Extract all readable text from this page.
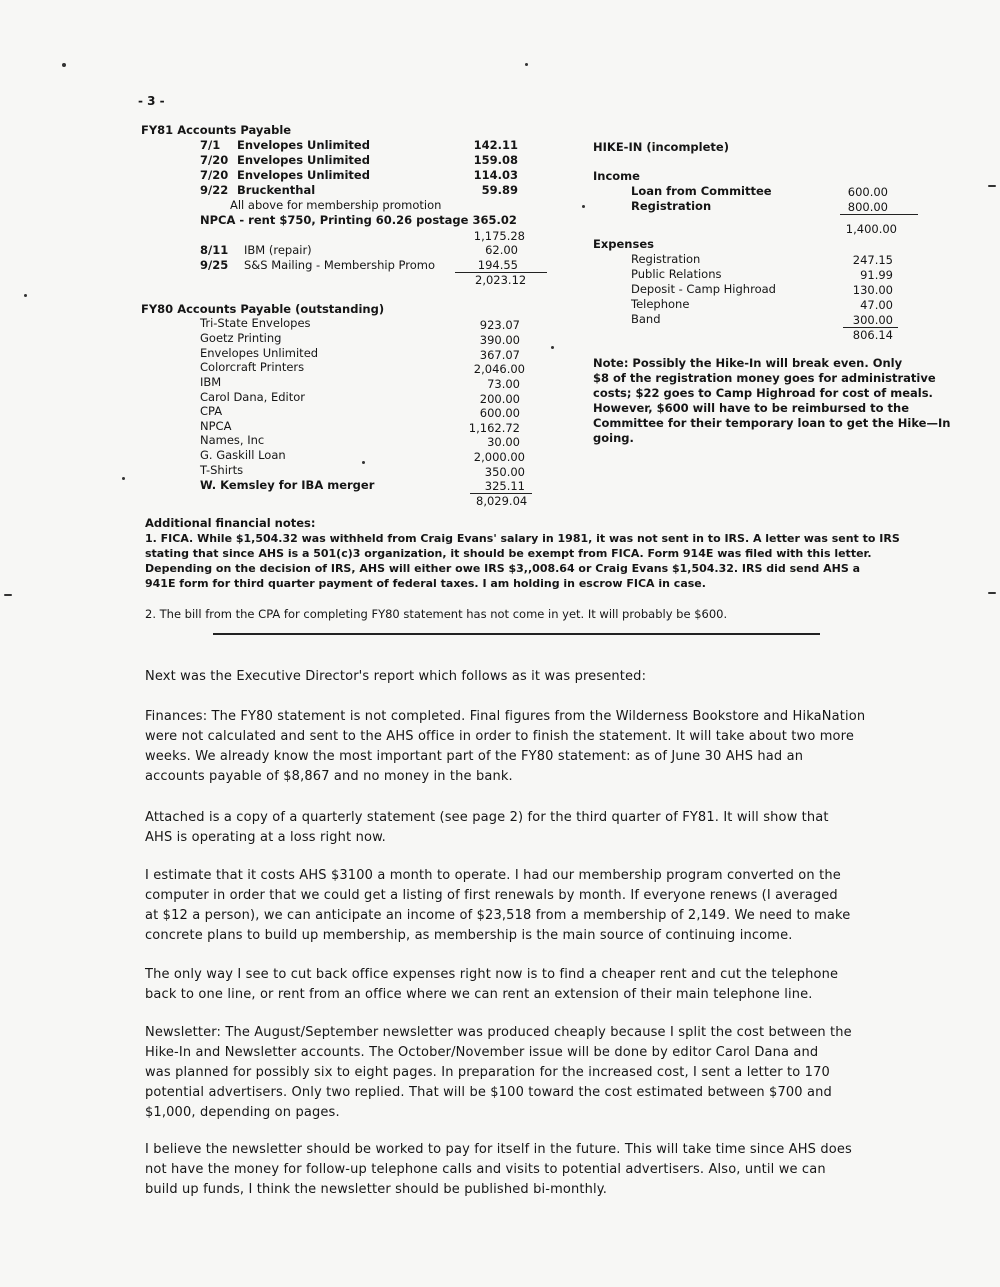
- 3 -
FY81 Accounts Payable
7/1 Envelopes Unlimited	142.11
7/20 Envelopes Unlimited	159.08
7/20 Envelopes Unlimited	114.03
9/22 Bruckenthal	59.89
All above for membership promotion
NPCA - rent $750, Printing 60.26 postage 365.02
1,175.28
8/11 IBM (repair)	62.00
9/25 S&S Mailing - Membership Promo	194.55
2,023.12
FY80 Accounts Payable (outstanding)
Tri-State Envelopes	923.07
Goetz Printing	390.00
Envelopes Unlimited	367.07
Colorcraft Printers	2,046.00
IBM	73.00
Carol Dana, Editor	200.00
CPA	600.00
NPCA	1,162.72
Names, Inc	30.00
G. Gaskill Loan	2,000.00
T-Shirts	350.00
W. Kemsley for IBA merger	325.11
8,029.04
HIKE-IN (incomplete)
Income
Loan from Committee	600.00
Registration	800.00
1,400.00
Expenses
Registration	247.15
Public Relations	91.99
Deposit - Camp Highroad	130.00
Telephone	47.00
Band	300.00
806.14
Note: Possibly the Hike-In will break even. Only
$8 of the registration money goes for administrative
costs; $22 goes to Camp Highroad for cost of meals.
However, $600 will have to be reimbursed to the
Committee for their temporary loan to get the Hike—In
going.
Additional financial notes:
1. FICA. While $1,504.32 was withheld from Craig Evans' salary in 1981, it was not sent in to IRS. A letter was sent to IRS
stating that since AHS is a 501(c)3 organization, it should be exempt from FICA. Form 914E was filed with this letter.
Depending on the decision of IRS, AHS will either owe IRS $3,,008.64 or Craig Evans $1,504.32. IRS did send AHS a
941E form for third quarter payment of federal taxes. I am holding in escrow FICA in case.
2. The bill from the CPA for completing FY80 statement has not come in yet. It will probably be $600.
Next was the Executive Director's report which follows as it was presented:
Finances: The FY80 statement is not completed. Final figures from the Wilderness Bookstore and HikaNation
were not calculated and sent to the AHS office in order to finish the statement. It will take about two more
weeks. We already know the most important part of the FY80 statement: as of June 30 AHS had an
accounts payable of $8,867 and no money in the bank.
Attached is a copy of a quarterly statement (see page 2) for the third quarter of FY81. It will show that
AHS is operating at a loss right now.
I estimate that it costs AHS $3100 a month to operate. I had our membership program converted on the
computer in order that we could get a listing of first renewals by month. If everyone renews (I averaged
at $12 a person), we can anticipate an income of $23,518 from a membership of 2,149. We need to make
concrete plans to build up membership, as membership is the main source of continuing income.
The only way I see to cut back office expenses right now is to find a cheaper rent and cut the telephone
back to one line, or rent from an office where we can rent an extension of their main telephone line.
Newsletter: The August/September newsletter was produced cheaply because I split the cost between the
Hike-In and Newsletter accounts. The October/November issue will be done by editor Carol Dana and
was planned for possibly six to eight pages. In preparation for the increased cost, I sent a letter to 170
potential advertisers. Only two replied. That will be $100 toward the cost estimated between $700 and
$1,000, depending on pages.
I believe the newsletter should be worked to pay for itself in the future. This will take time since AHS does
not have the money for follow-up telephone calls and visits to potential advertisers. Also, until we can
build up funds, I think the newsletter should be published bi-monthly.
